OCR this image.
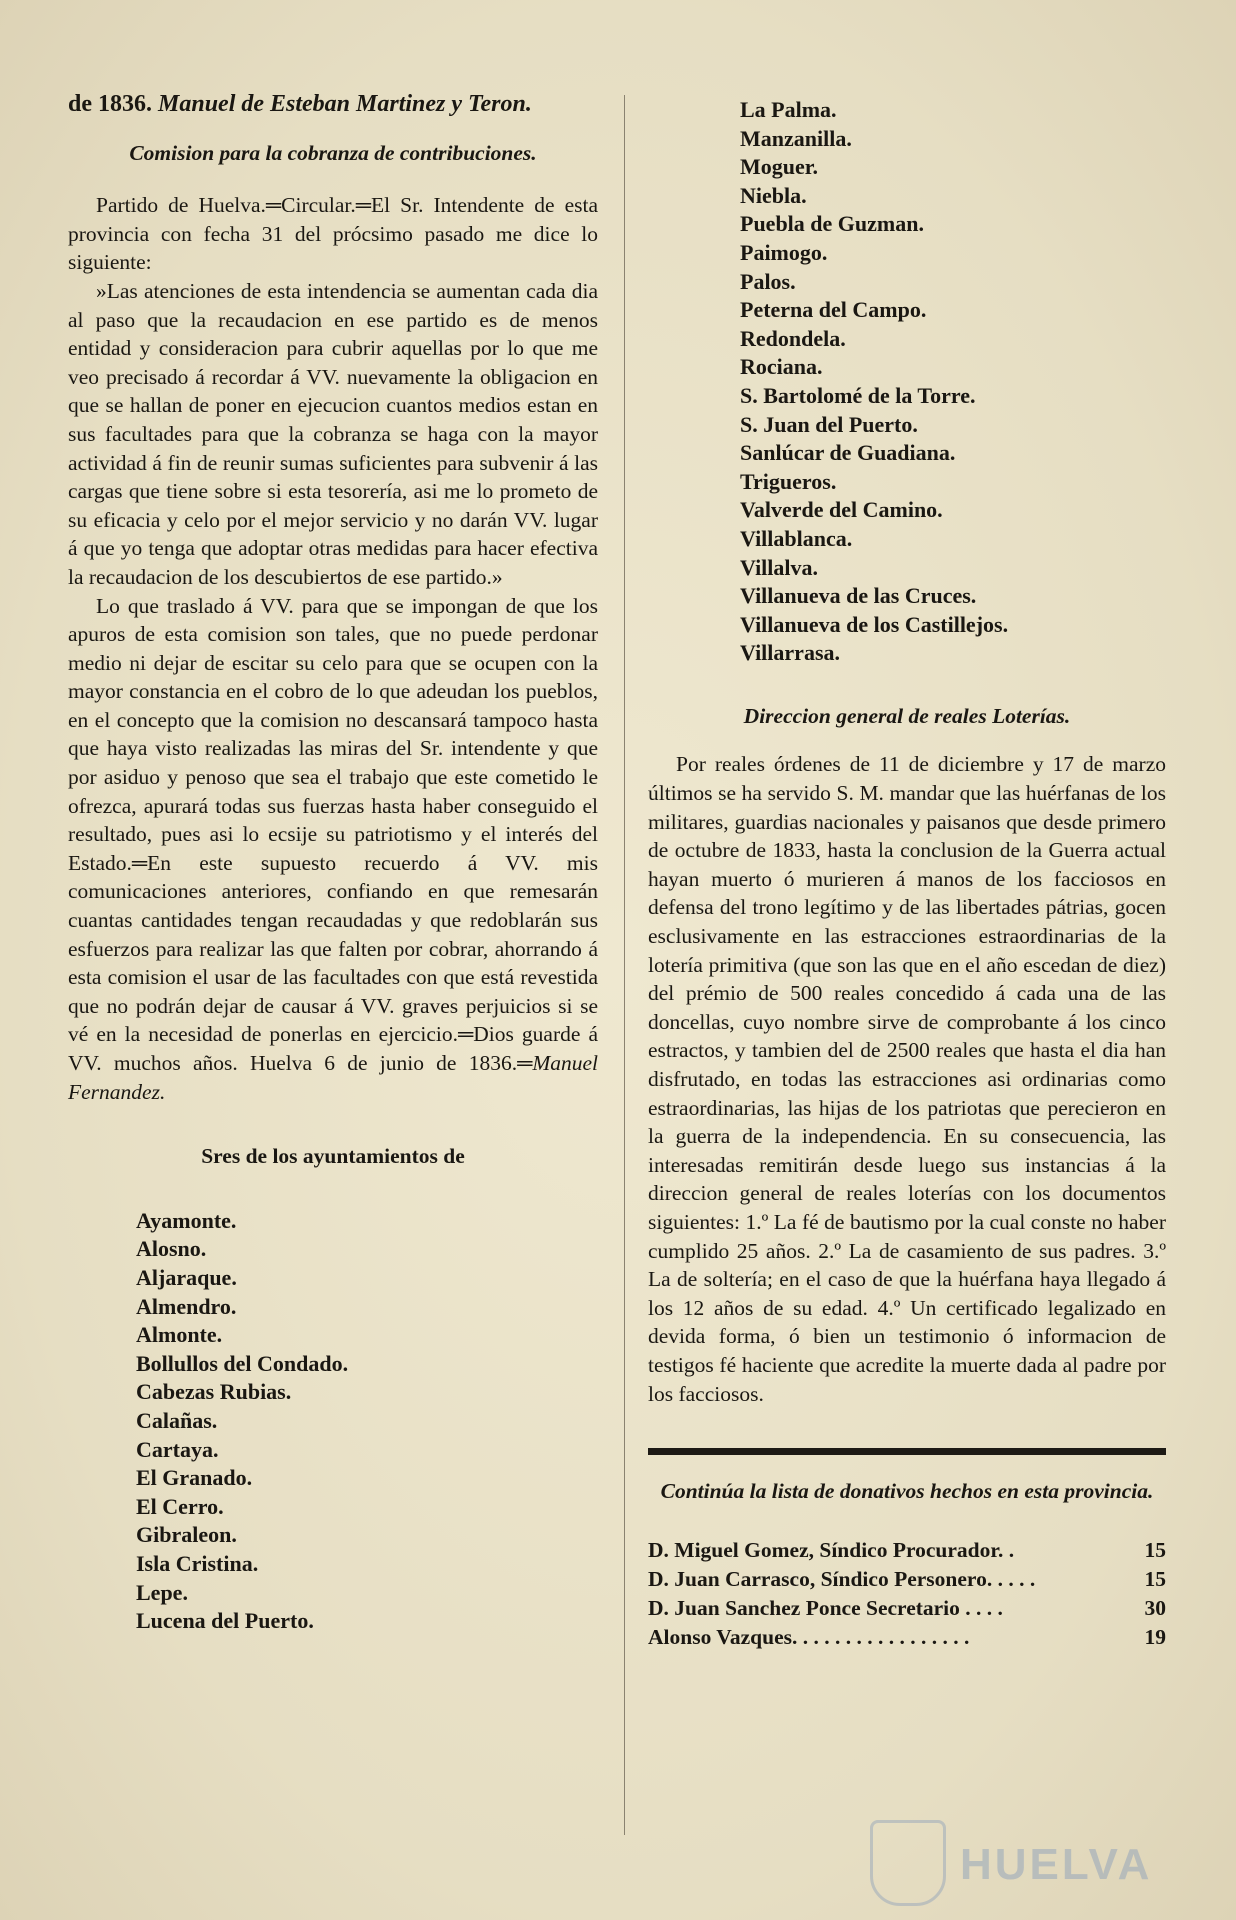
de 1836. Manuel de Esteban Martinez y Teron.
Comision para la cobranza de contribuciones.

Partido de Huelva.═Circular.═El Sr. Intendente de esta provincia con fecha 31 del prócsimo pasado me dice lo siguiente:

»Las atenciones de esta intendencia se aumentan cada dia al paso que la recaudacion en ese partido es de menos entidad y consideracion para cubrir aquellas por lo que me veo precisado á recordar á VV. nuevamente la obligacion en que se hallan de poner en ejecucion cuantos medios estan en sus facultades para que la cobranza se haga con la mayor actividad á fin de reunir sumas suficientes para subvenir á las cargas que tiene sobre si esta tesorería, asi me lo prometo de su eficacia y celo por el mejor servicio y no darán VV. lugar á que yo tenga que adoptar otras medidas para hacer efectiva la recaudacion de los descubiertos de ese partido.»

Lo que traslado á VV. para que se impongan de que los apuros de esta comision son tales, que no puede perdonar medio ni dejar de escitar su celo para que se ocupen con la mayor constancia en el cobro de lo que adeudan los pueblos, en el concepto que la comision no descansará tampoco hasta que haya visto realizadas las miras del Sr. intendente y que por asiduo y penoso que sea el trabajo que este cometido le ofrezca, apurará todas sus fuerzas hasta haber conseguido el resultado, pues asi lo ecsije su patriotismo y el interés del Estado.═En este supuesto recuerdo á VV. mis comunicaciones anteriores, confiando en que remesarán cuantas cantidades tengan recaudadas y que redoblarán sus esfuerzos para realizar las que falten por cobrar, ahorrando á esta comision el usar de las facultades con que está revestida que no podrán dejar de causar á VV. graves perjuicios si se vé en la necesidad de ponerlas en ejercicio.═Dios guarde á VV. muchos años. Huelva 6 de junio de 1836.═Manuel Fernandez.

Sres de los ayuntamientos de
Ayamonte.
Alosno.
Aljaraque.
Almendro.
Almonte.
Bollullos del Condado.
Cabezas Rubias.
Calañas.
Cartaya.
El Granado.
El Cerro.
Gibraleon.
Isla Cristina.
Lepe.
Lucena del Puerto.
La Palma.
Manzanilla.
Moguer.
Niebla.
Puebla de Guzman.
Paimogo.
Palos.
Peterna del Campo.
Redondela.
Rociana.
S. Bartolomé de la Torre.
S. Juan del Puerto.
Sanlúcar de Guadiana.
Trigueros.
Valverde del Camino.
Villablanca.
Villalva.
Villanueva de las Cruces.
Villanueva de los Castillejos.
Villarrasa.
Direccion general de reales Loterías.

Por reales órdenes de 11 de diciembre y 17 de marzo últimos se ha servido S. M. mandar que las huérfanas de los militares, guardias nacionales y paisanos que desde primero de octubre de 1833, hasta la conclusion de la Guerra actual hayan muerto ó murieren á manos de los facciosos en defensa del trono legítimo y de las libertades pátrias, gocen esclusivamente en las estracciones estraordinarias de la lotería primitiva (que son las que en el año escedan de diez) del prémio de 500 reales concedido á cada una de las doncellas, cuyo nombre sirve de comprobante á los cinco estractos, y tambien del de 2500 reales que hasta el dia han disfrutado, en todas las estracciones asi ordinarias como estraordinarias, las hijas de los patriotas que perecieron en la guerra de la independencia. En su consecuencia, las interesadas remitirán desde luego sus instancias á la direccion general de reales loterías con los documentos siguientes: 1.º La fé de bautismo por la cual conste no haber cumplido 25 años. 2.º La de casamiento de sus padres. 3.º La de soltería; en el caso de que la huérfana haya llegado á los 12 años de su edad. 4.º Un certificado legalizado en devida forma, ó bien un testimonio ó informacion de testigos fé haciente que acredite la muerte dada al padre por los facciosos.

Continúa la lista de donativos hechos en esta provincia.
D. Miguel Gomez, Síndico Procurador. .	15
D. Juan Carrasco, Síndico Personero. . . . .	15
D. Juan Sanchez Ponce Secretario . . . .	30
Alonso Vazques. . . . . . . . . . . . . . . . .	19
HUELVA
